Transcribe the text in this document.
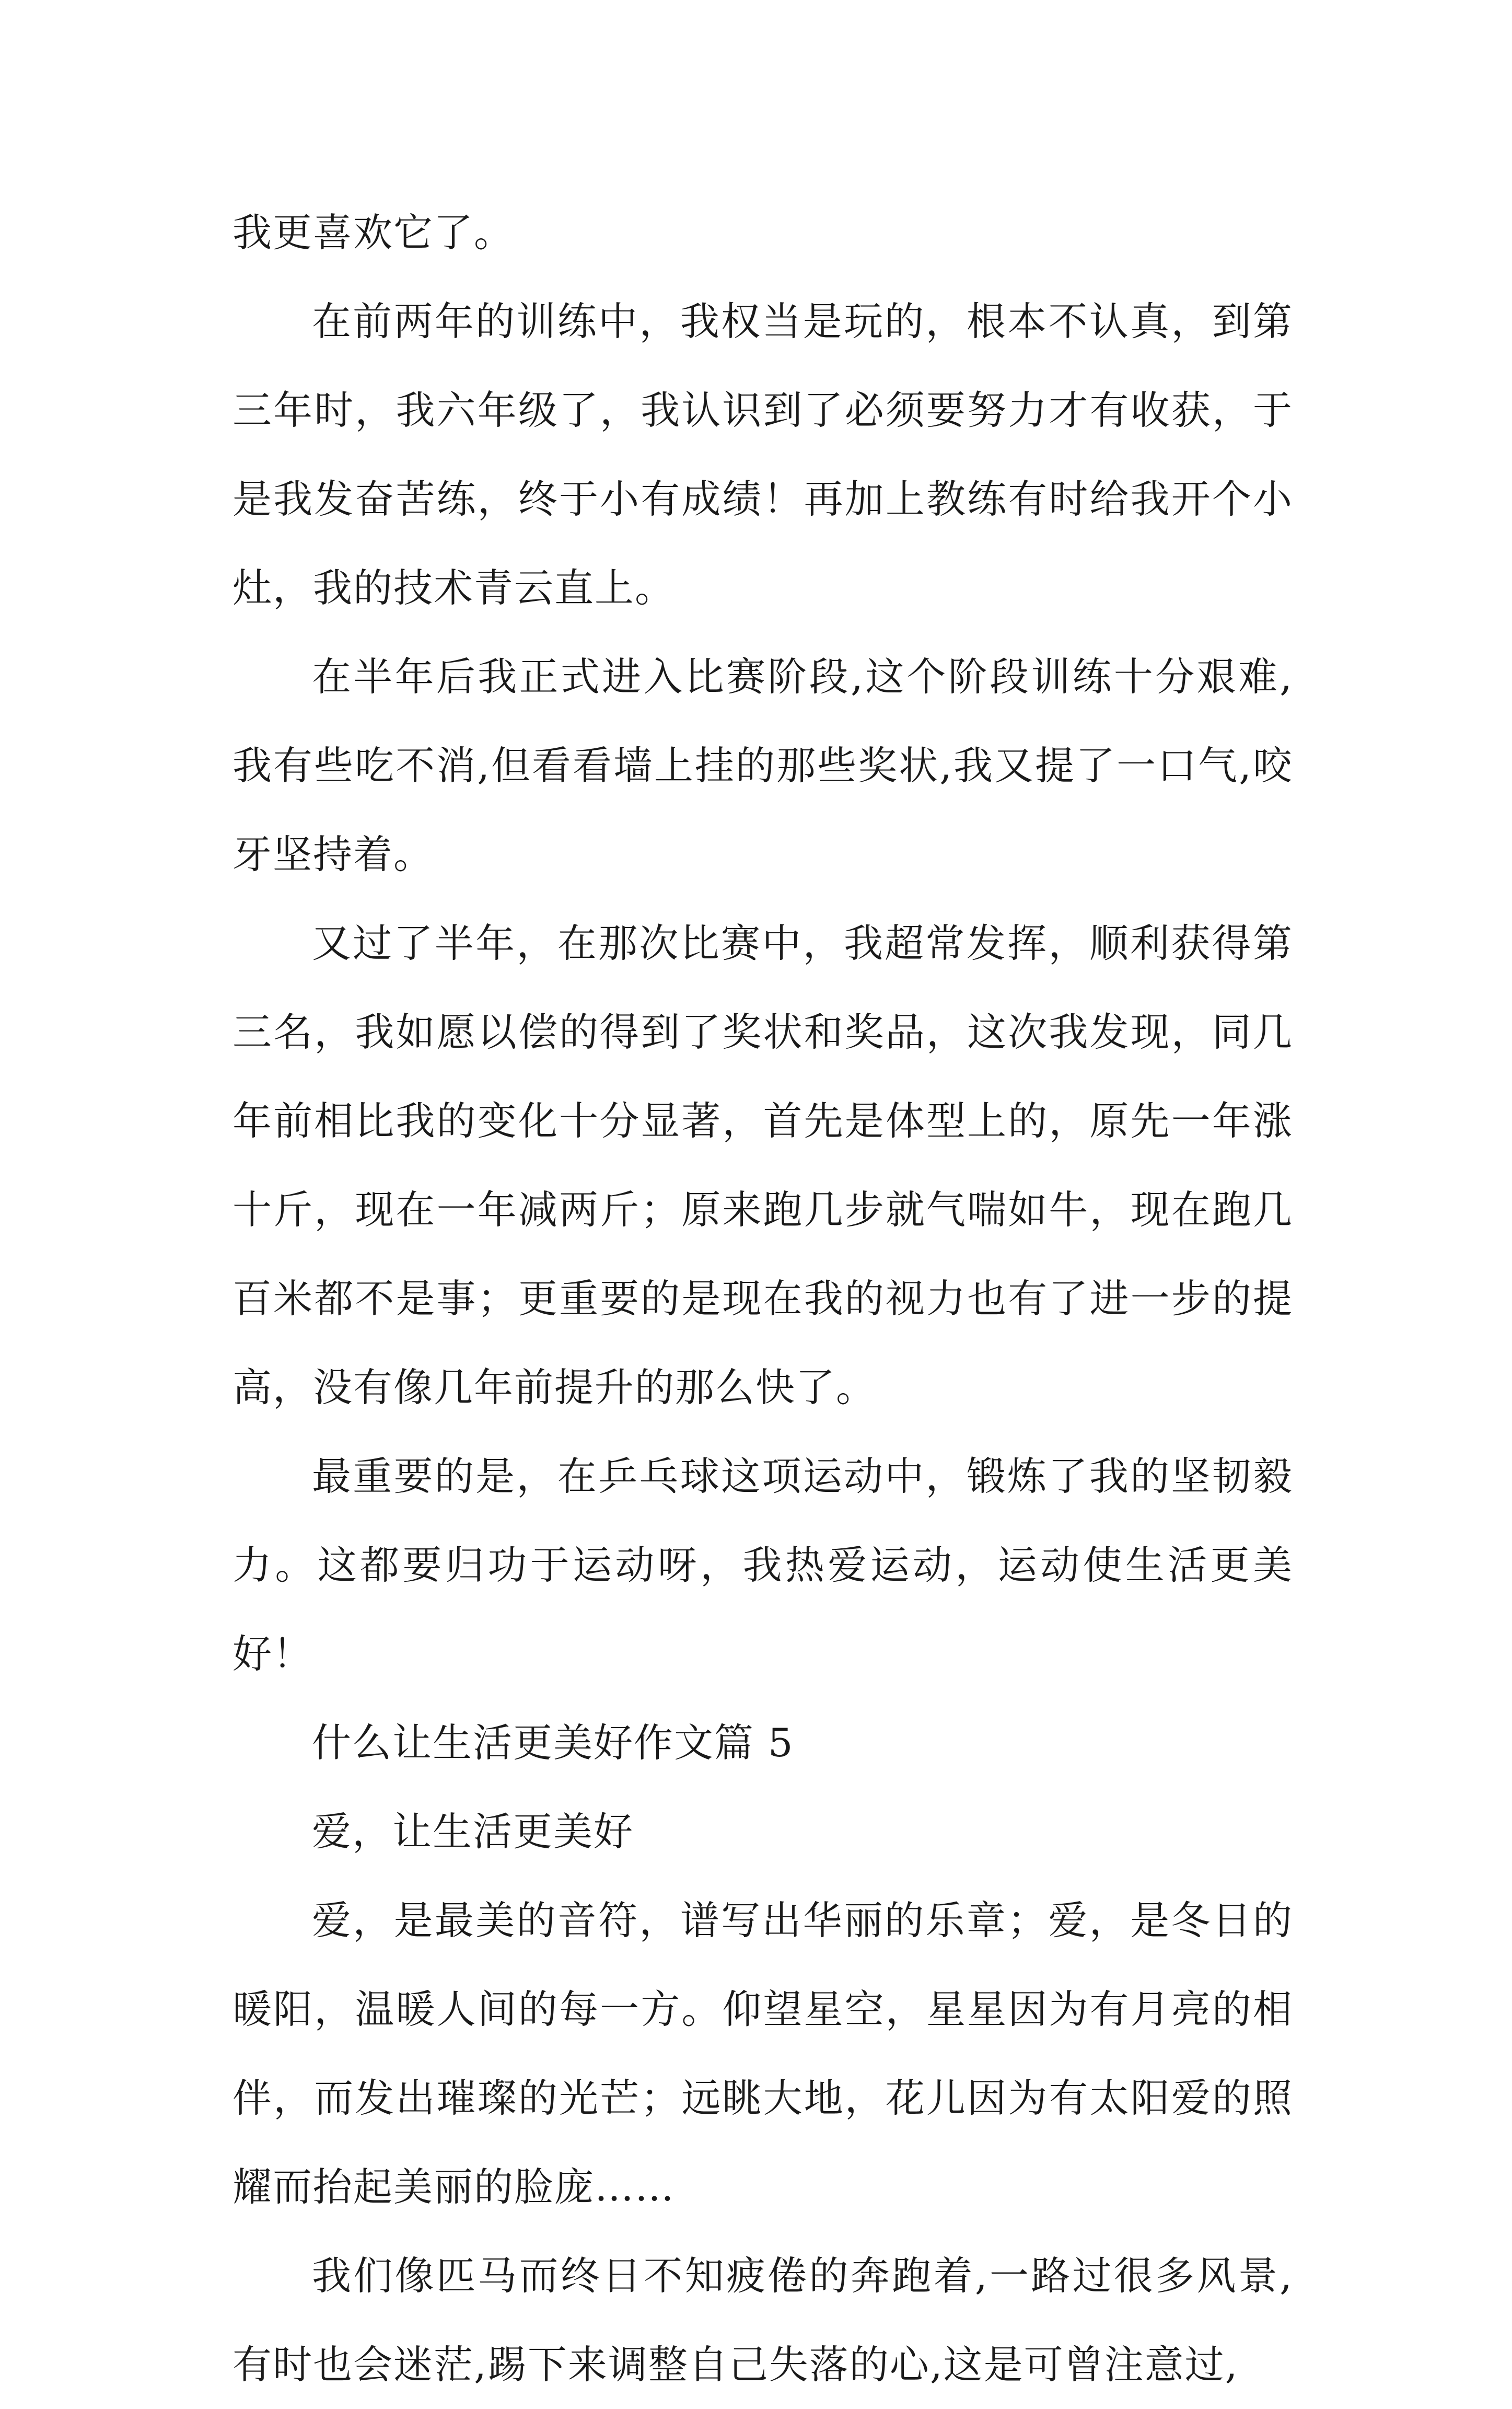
我更喜欢它了。

在前两年的训练中，我权当是玩的，根本不认真，到第三年时，我六年级了，我认识到了必须要努力才有收获，于是我发奋苦练，终于小有成绩！再加上教练有时给我开个小灶，我的技术青云直上。

在半年后我正式进入比赛阶段,这个阶段训练十分艰难,我有些吃不消,但看看墙上挂的那些奖状,我又提了一口气,咬牙坚持着。

又过了半年，在那次比赛中，我超常发挥，顺利获得第三名，我如愿以偿的得到了奖状和奖品，这次我发现，同几年前相比我的变化十分显著，首先是体型上的，原先一年涨十斤，现在一年减两斤；原来跑几步就气喘如牛，现在跑几百米都不是事；更重要的是现在我的视力也有了进一步的提高，没有像几年前提升的那么快了。

最重要的是，在乒乓球这项运动中，锻炼了我的坚韧毅力。这都要归功于运动呀，我热爱运动，运动使生活更美好！

什么让生活更美好作文篇 5

爱，让生活更美好

爱，是最美的音符，谱写出华丽的乐章；爱，是冬日的暖阳，温暖人间的每一方。仰望星空，星星因为有月亮的相伴，而发出璀璨的光芒；远眺大地，花儿因为有太阳爱的照耀而抬起美丽的脸庞……

我们像匹马而终日不知疲倦的奔跑着,一路过很多风景,有时也会迷茫,踢下来调整自己失落的心,这是可曾注意过,
